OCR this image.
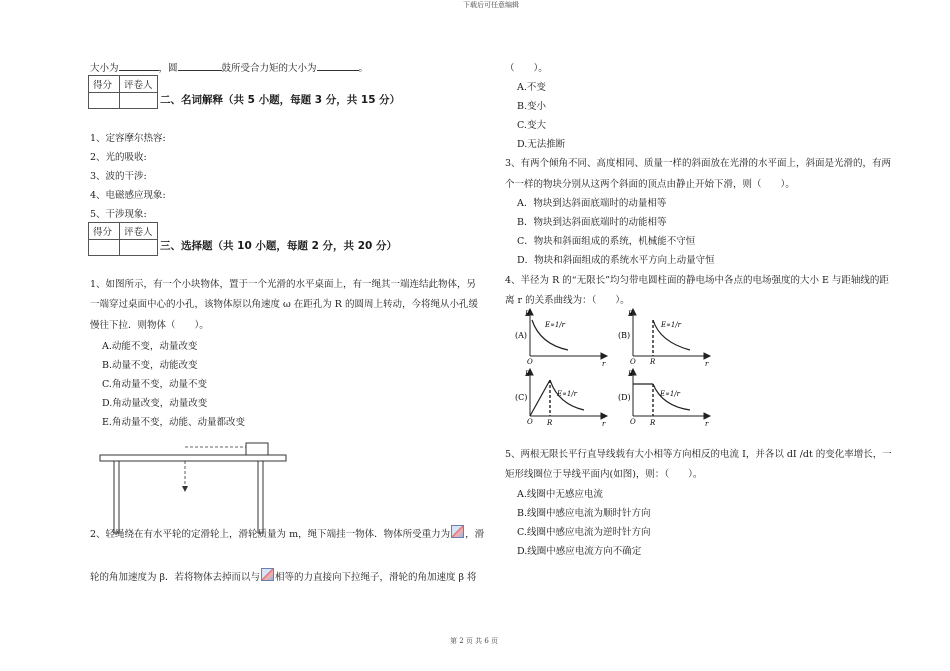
下载后可任意编辑
第 2 页 共 6 页
大小为	，圆	鼓所受合力矩的大小为	。
得分	评卷人

二、名词解释（共 5 小题，每题 3 分，共 15 分）
1、定容摩尔热容:
2、光的吸收:
3、波的干涉:
4、电磁感应现象:
5、干涉现象:
得分	评卷人

三、选择题（共 10 小题，每题 2 分，共 20 分）
1、如图所示，有一个小块物体，置于一个光滑的水平桌面上，有一绳其一端连结此物体，另
一端穿过桌面中心的小孔，该物体原以角速度 ω 在距孔为 R 的圆周上转动，今将绳从小孔缓
慢往下拉．则物体（　　）。
A.动能不变，动量改变
B.动量不变，动能改变
C.角动量不变，动量不变
D.角动量改变，动量改变
E.角动量不变，动能、动量都改变
2、轻绳绕在有水平轮的定滑轮上，滑轮质量为 m，绳下端挂一物体．物体所受重力为 ，滑
轮的角加速度为 β．若将物体去掉而以与 相等的力直接向下拉绳子，滑轮的角加速度 β 将
（　　）。
A.不变
B.变小
C.变大
D.无法推断
3、有两个倾角不同、高度相同、质量一样的斜面放在光滑的水平面上，斜面是光滑的，有两
个一样的物块分别从这两个斜面的顶点由静止开始下滑，则（　　）。
A．物块到达斜面底端时的动量相等
B．物块到达斜面底端时的动能相等
C．物块和斜面组成的系统，机械能不守恒
D．物块和斜面组成的系统水平方向上动量守恒
4、半径为 R 的“无限长”均匀带电圆柱面的静电场中各点的电场强度的大小 E 与距轴线的距
离 r 的关系曲线为：（　　）。
E
(A)
E∝1/r
O	r
E
(B)
E∝1/r
O R	r
E
(C)	E∝1/r
O R	r
E
(D)	E∝1/r
O R	r
5、两根无限长平行直导线载有大小相等方向相反的电流 I，并各以 dI /dt 的变化率增长，一
矩形线圈位于导线平面内(如图)，则：（　　）。
A.线圈中无感应电流
B.线圈中感应电流为顺时针方向
C.线圈中感应电流为逆时针方向
D.线圈中感应电流方向不确定
